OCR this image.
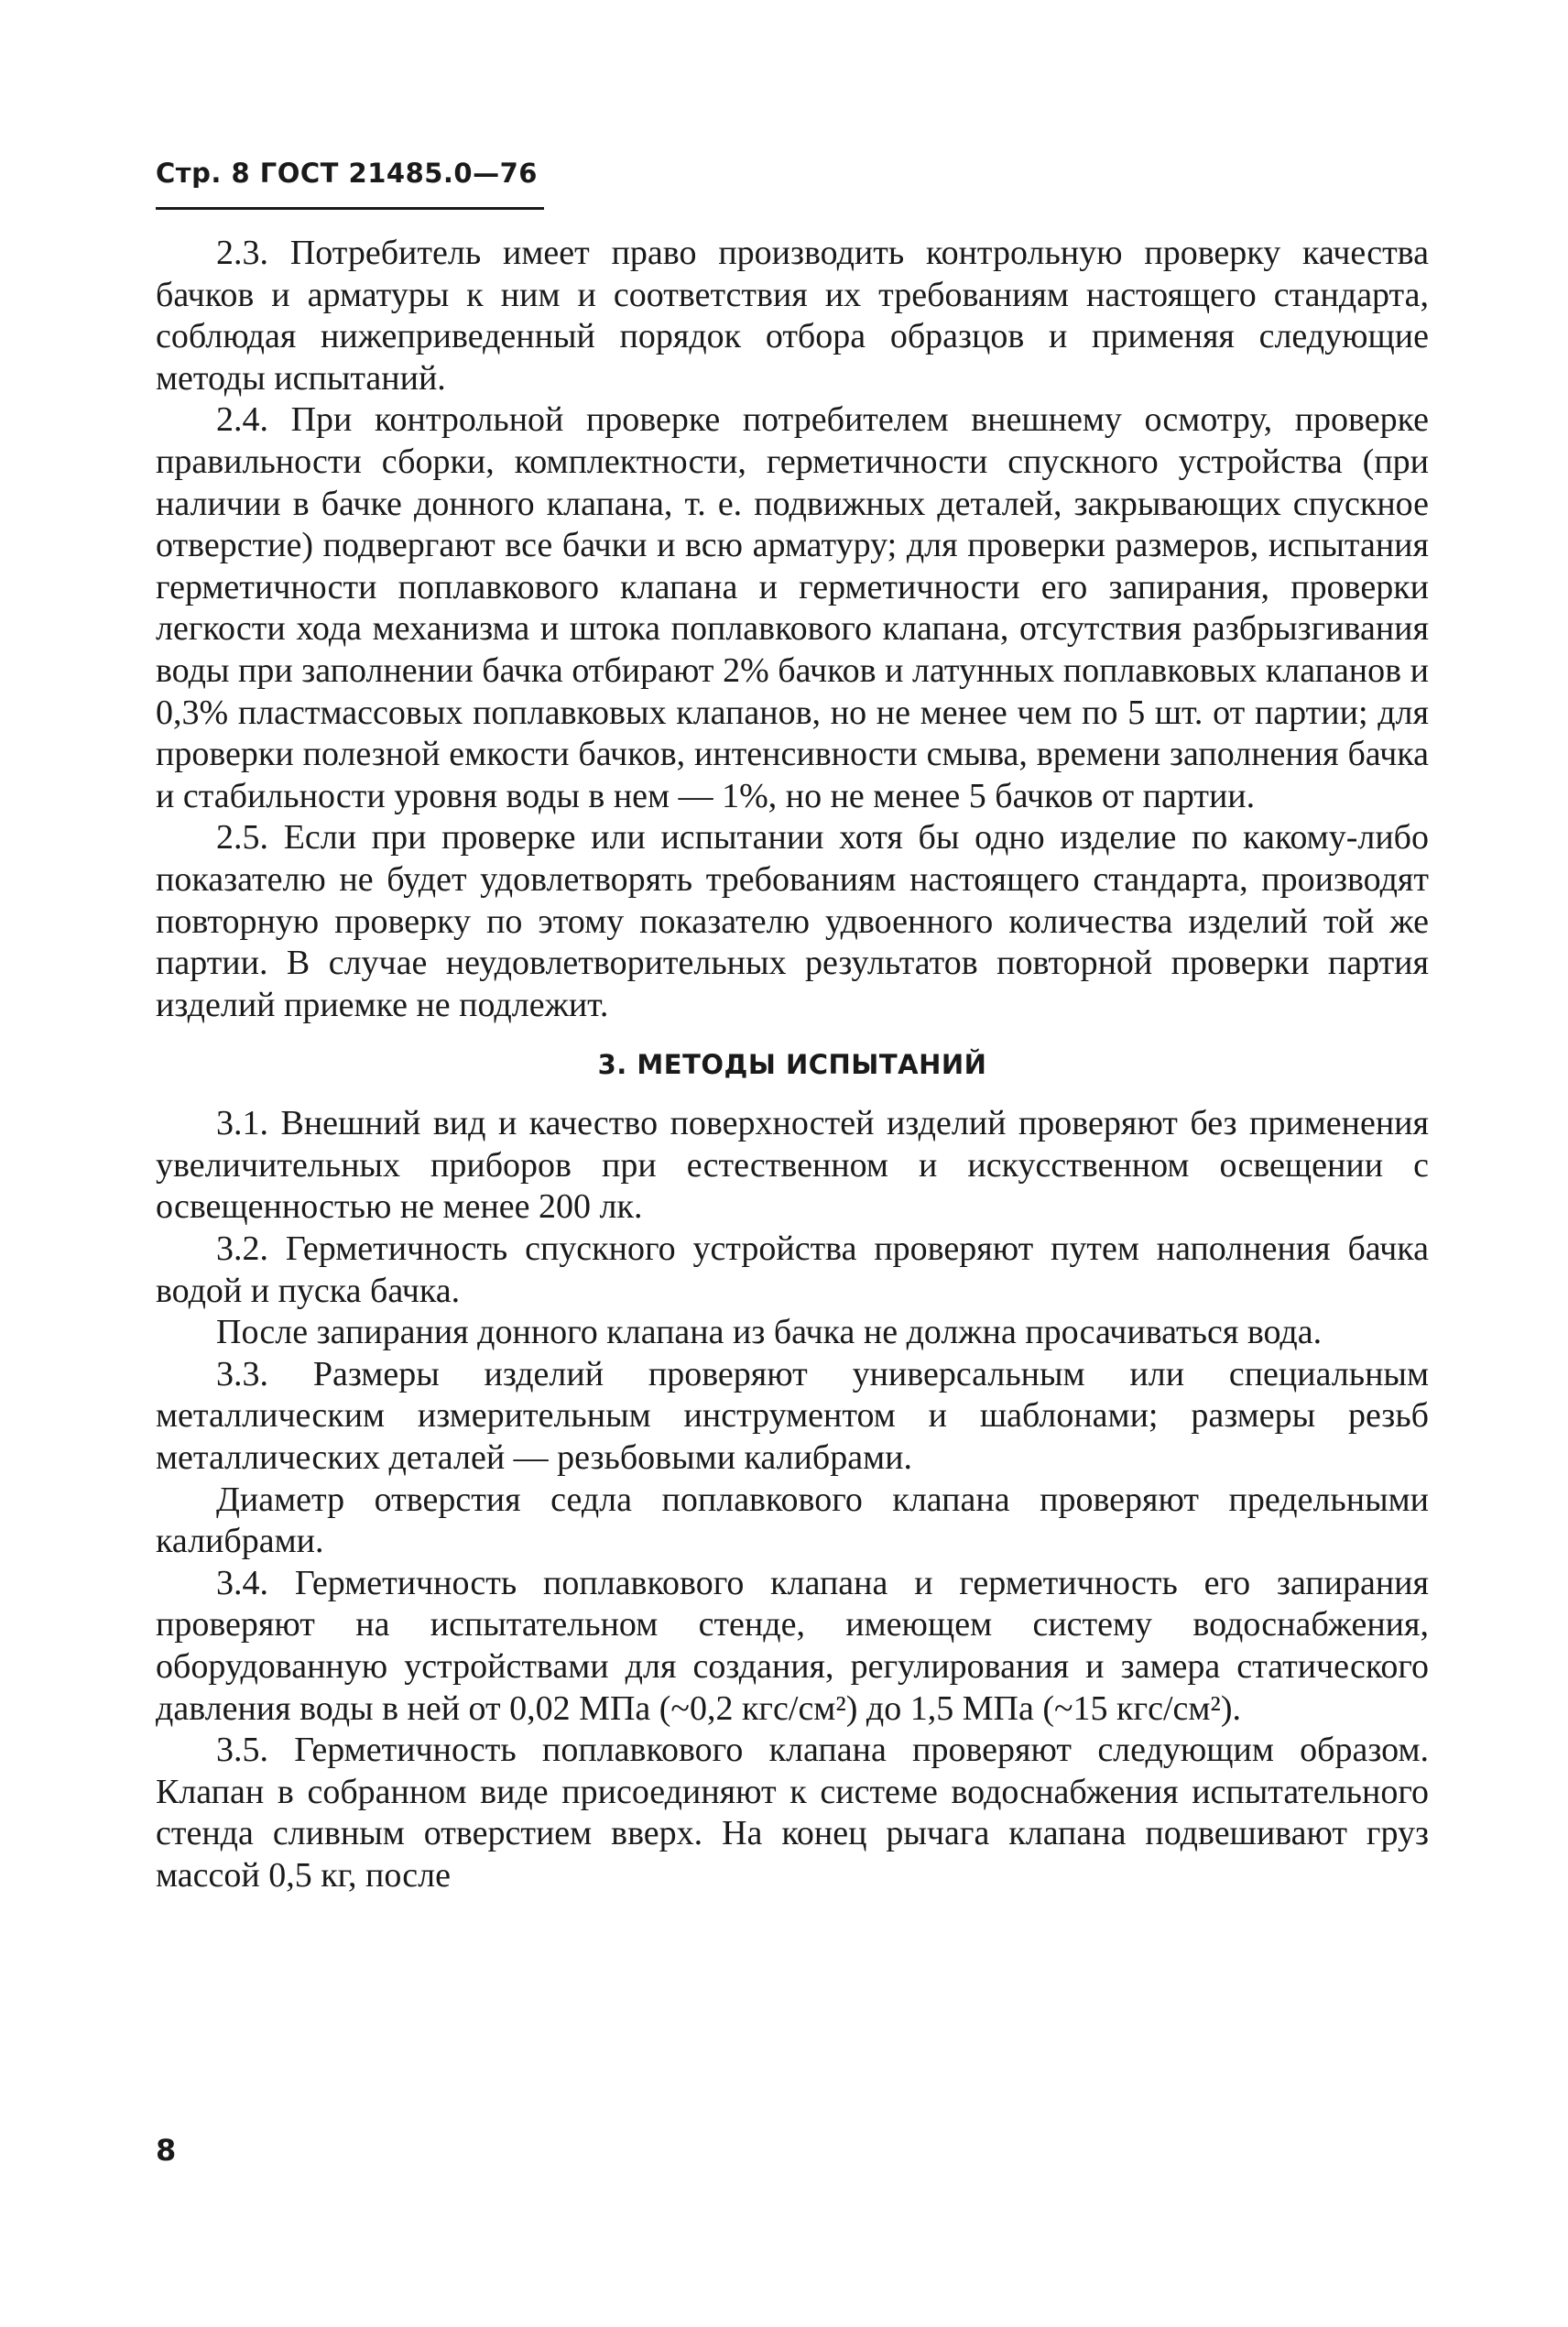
Стр. 8 ГОСТ 21485.0—76

2.3. Потребитель имеет право производить контрольную проверку качества бачков и арматуры к ним и соответствия их требованиям настоящего стандарта, соблюдая нижеприведенный порядок отбора образцов и применяя следующие методы испытаний.

2.4. При контрольной проверке потребителем внешнему осмотру, проверке правильности сборки, комплектности, герметичности спускного устройства (при наличии в бачке донного клапана, т. е. подвижных деталей, закрывающих спускное отверстие) подвергают все бачки и всю арматуру; для проверки размеров, испытания герметичности поплавкового клапана и герметичности его запирания, проверки легкости хода механизма и штока поплавкового клапана, отсутствия разбрызгивания воды при заполнении бачка отбирают 2% бачков и латунных поплавковых клапанов и 0,3% пластмассовых поплавковых клапанов, но не менее чем по 5 шт. от партии; для проверки полезной емкости бачков, интенсивности смыва, времени заполнения бачка и стабильности уровня воды в нем — 1%, но не менее 5 бачков от партии.

2.5. Если при проверке или испытании хотя бы одно изделие по какому-либо показателю не будет удовлетворять требованиям настоящего стандарта, производят повторную проверку по этому показателю удвоенного количества изделий той же партии. В случае неудовлетворительных результатов повторной проверки партия изделий приемке не подлежит.

3. МЕТОДЫ ИСПЫТАНИЙ

3.1. Внешний вид и качество поверхностей изделий проверяют без применения увеличительных приборов при естественном и искусственном освещении с освещенностью не менее 200 лк.

3.2. Герметичность спускного устройства проверяют путем наполнения бачка водой и пуска бачка.

После запирания донного клапана из бачка не должна просачиваться вода.

3.3. Размеры изделий проверяют универсальным или специальным металлическим измерительным инструментом и шаблонами; размеры резьб металлических деталей — резьбовыми калибрами.

Диаметр отверстия седла поплавкового клапана проверяют предельными калибрами.

3.4. Герметичность поплавкового клапана и герметичность его запирания проверяют на испытательном стенде, имеющем систему водоснабжения, оборудованную устройствами для создания, регулирования и замера статического давления воды в ней от 0,02 МПа (~0,2 кгс/см²) до 1,5 МПа (~15 кгс/см²).

3.5. Герметичность поплавкового клапана проверяют следующим образом. Клапан в собранном виде присоединяют к системе водоснабжения испытательного стенда сливным отверстием вверх. На конец рычага клапана подвешивают груз массой 0,5 кг, после

8
